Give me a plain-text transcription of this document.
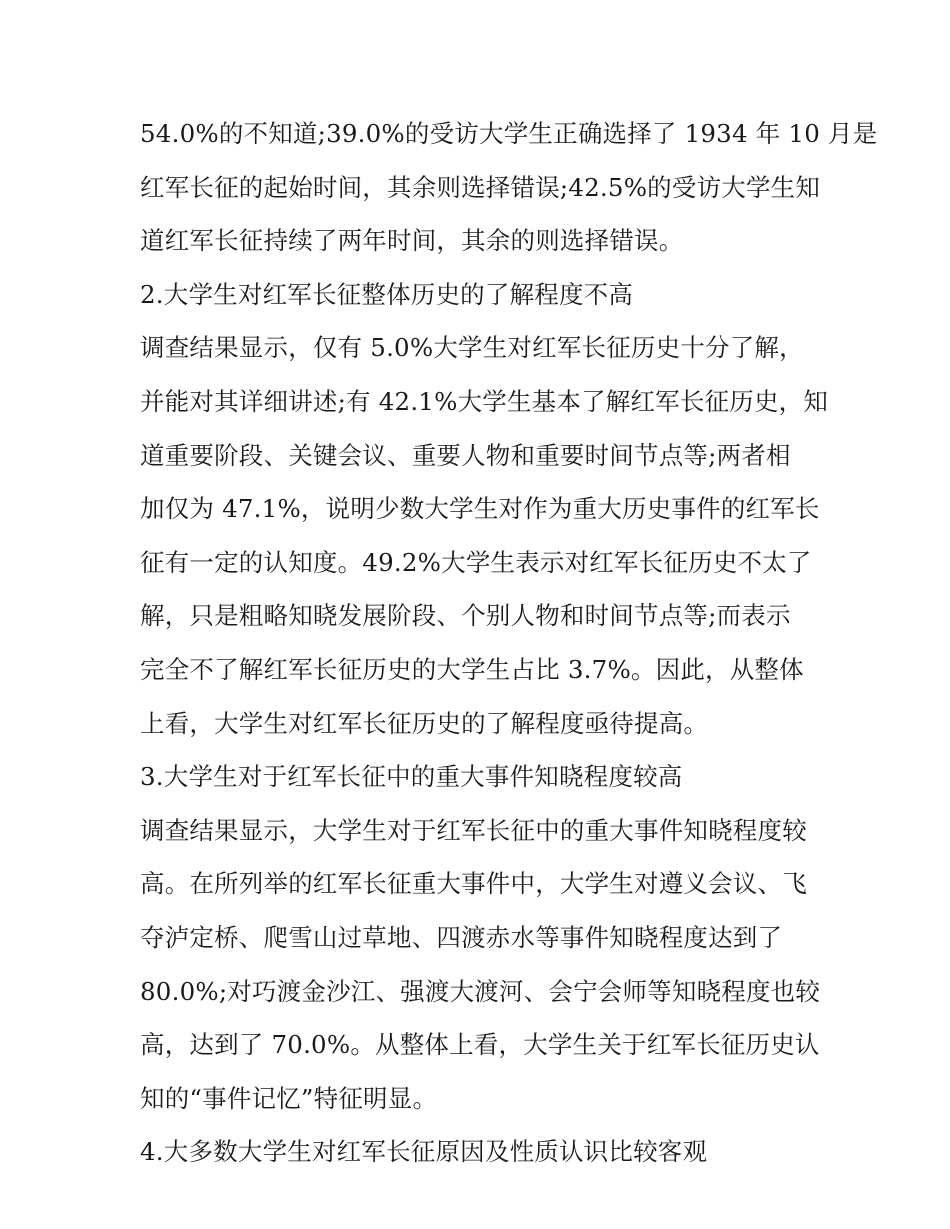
54.0%的不知道;39.0%的受访大学生正确选择了 1934 年 10 月是
红军长征的起始时间，其余则选择错误;42.5%的受访大学生知
道红军长征持续了两年时间，其余的则选择错误。
2.大学生对红军长征整体历史的了解程度不高
调查结果显示，仅有 5.0%大学生对红军长征历史十分了解，
并能对其详细讲述;有 42.1%大学生基本了解红军长征历史，知
道重要阶段、关键会议、重要人物和重要时间节点等;两者相
加仅为 47.1%，说明少数大学生对作为重大历史事件的红军长
征有一定的认知度。49.2%大学生表示对红军长征历史不太了
解，只是粗略知晓发展阶段、个别人物和时间节点等;而表示
完全不了解红军长征历史的大学生占比 3.7%。因此，从整体
上看，大学生对红军长征历史的了解程度亟待提高。
3.大学生对于红军长征中的重大事件知晓程度较高
调查结果显示，大学生对于红军长征中的重大事件知晓程度较
高。在所列举的红军长征重大事件中，大学生对遵义会议、飞
夺泸定桥、爬雪山过草地、四渡赤水等事件知晓程度达到了
80.0%;对巧渡金沙江、强渡大渡河、会宁会师等知晓程度也较
高，达到了 70.0%。从整体上看，大学生关于红军长征历史认
知的“事件记忆”特征明显。
4.大多数大学生对红军长征原因及性质认识比较客观
